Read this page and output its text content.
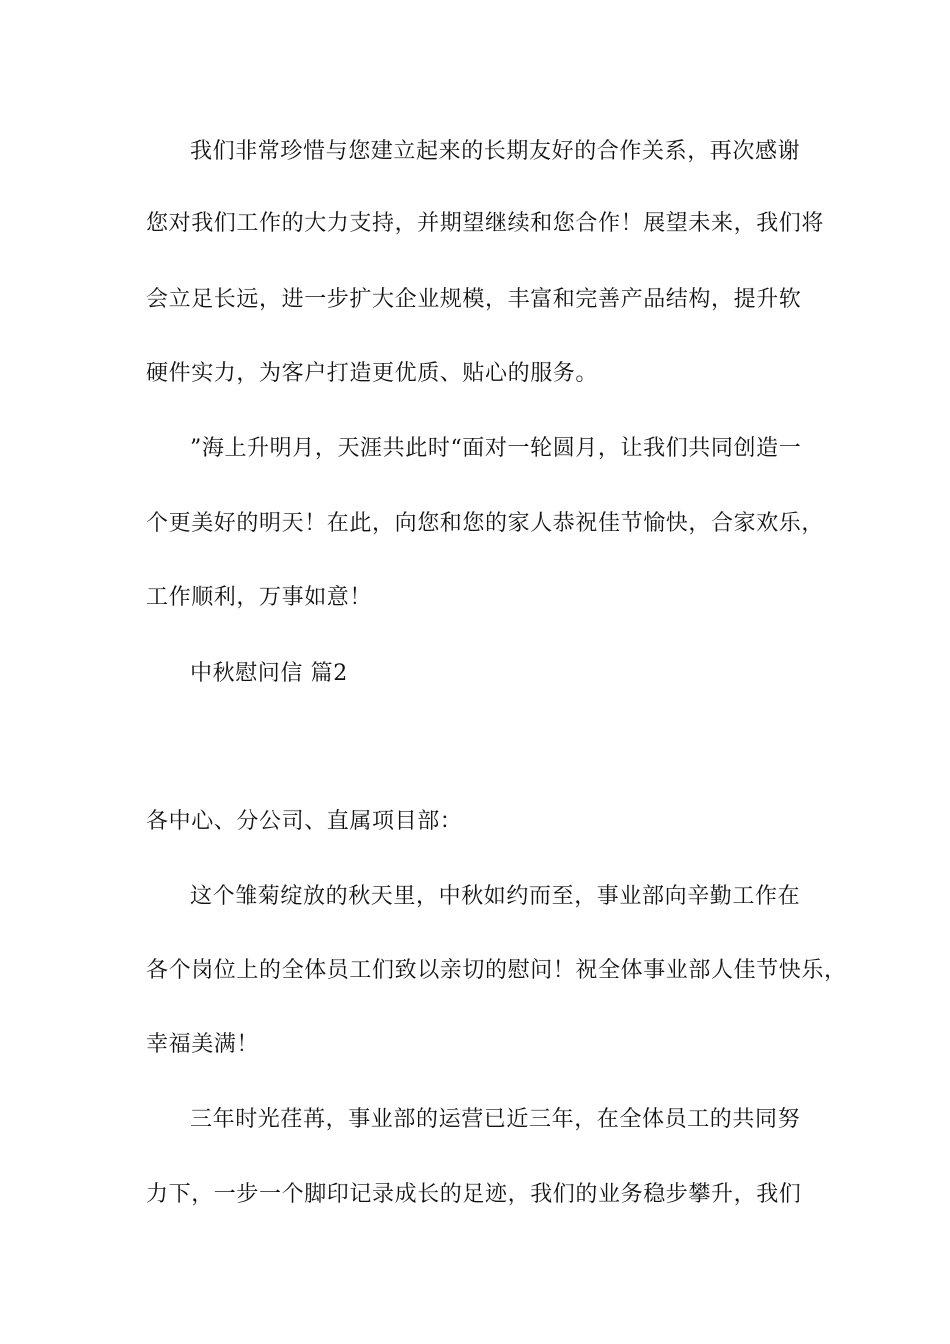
我们非常珍惜与您建立起来的长期友好的合作关系，再次感谢
您对我们工作的大力支持，并期望继续和您合作！展望未来，我们将
会立足长远，进一步扩大企业规模，丰富和完善产品结构，提升软
硬件实力，为客户打造更优质、贴心的服务。
”海上升明月，天涯共此时“面对一轮圆月，让我们共同创造一
个更美好的明天！在此，向您和您的家人恭祝佳节愉快，合家欢乐，
工作顺利，万事如意！
中秋慰问信 篇2
各中心、分公司、直属项目部：
这个雏菊绽放的秋天里，中秋如约而至，事业部向辛勤工作在
各个岗位上的全体员工们致以亲切的慰问！祝全体事业部人佳节快乐，
幸福美满！
三年时光荏苒，事业部的运营已近三年，在全体员工的共同努
力下，一步一个脚印记录成长的足迹，我们的业务稳步攀升，我们
